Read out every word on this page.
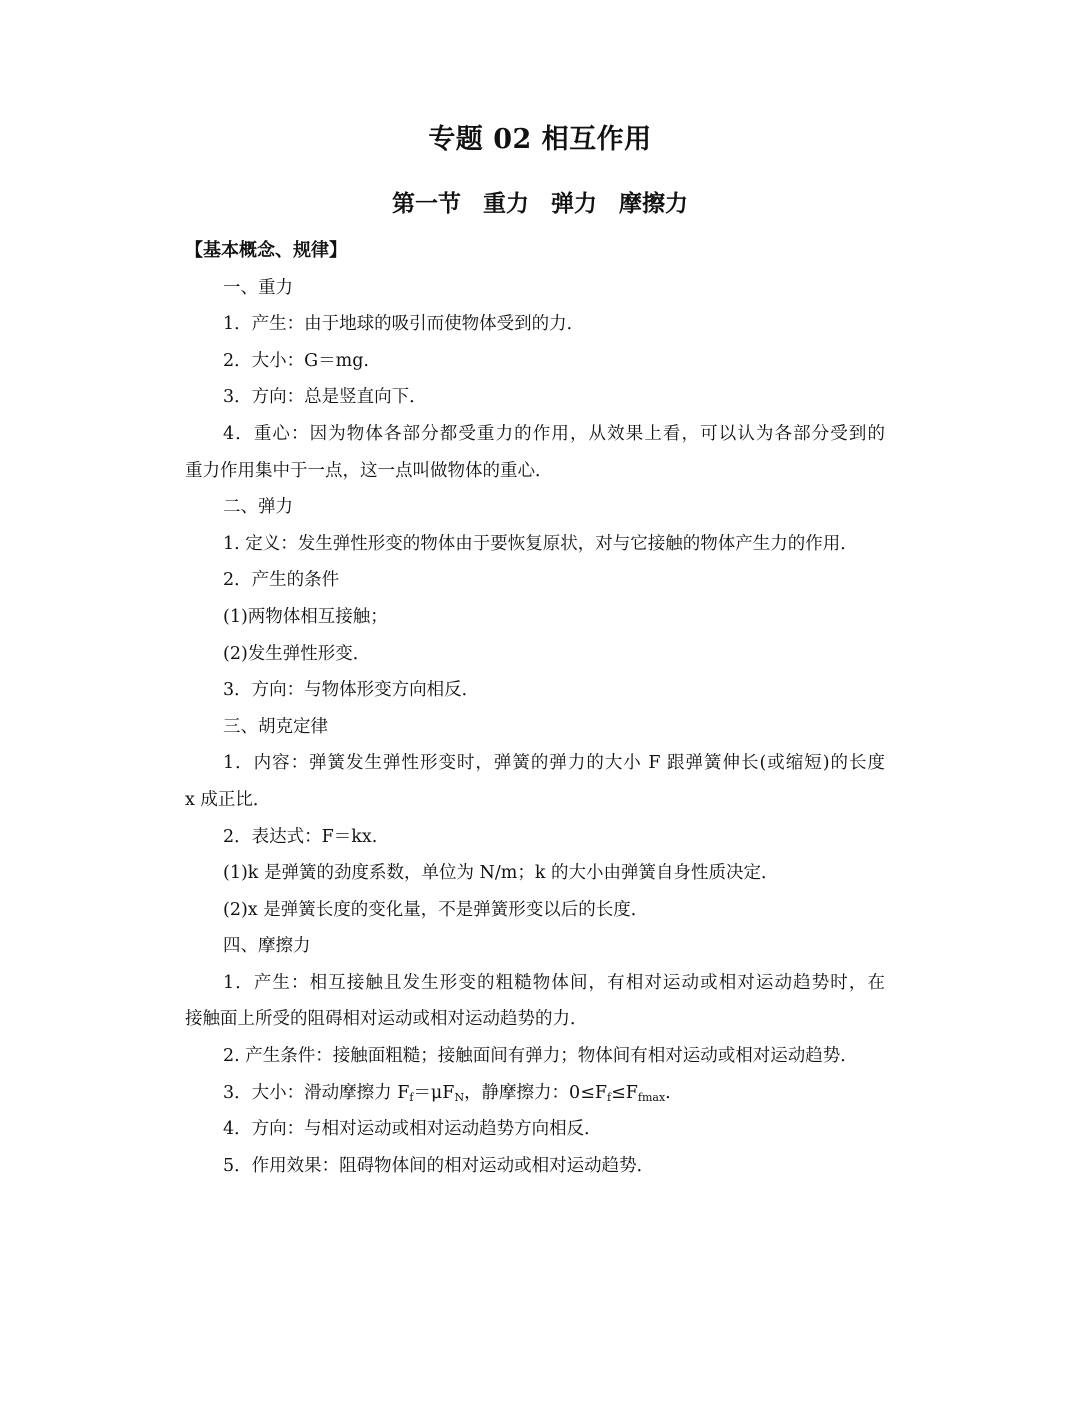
专题 02 相互作用
第一节 重力 弹力 摩擦力
【基本概念、规律】
一、重力
1．产生：由于地球的吸引而使物体受到的力．
2．大小：G＝mg.
3．方向：总是竖直向下．
4．重心：因为物体各部分都受重力的作用，从效果上看，可以认为各部分受到的
重力作用集中于一点，这一点叫做物体的重心．
二、弹力
1. 定义：发生弹性形变的物体由于要恢复原状，对与它接触的物体产生力的作用．
2．产生的条件
(1)两物体相互接触；
(2)发生弹性形变．
3．方向：与物体形变方向相反．
三、胡克定律
1．内容：弹簧发生弹性形变时，弹簧的弹力的大小 F 跟弹簧伸长(或缩短)的长度
x 成正比．
2．表达式：F＝kx.
(1)k 是弹簧的劲度系数，单位为 N/m；k 的大小由弹簧自身性质决定．
(2)x 是弹簧长度的变化量，不是弹簧形变以后的长度．
四、摩擦力
1．产生：相互接触且发生形变的粗糙物体间，有相对运动或相对运动趋势时，在
接触面上所受的阻碍相对运动或相对运动趋势的力．
2. 产生条件：接触面粗糙；接触面间有弹力；物体间有相对运动或相对运动趋势．
3．大小：滑动摩擦力 $F_f=\mu F_N$，静摩擦力：$0\le F_f\le F_{fmax}$.
4．方向：与相对运动或相对运动趋势方向相反．
5．作用效果：阻碍物体间的相对运动或相对运动趋势．
